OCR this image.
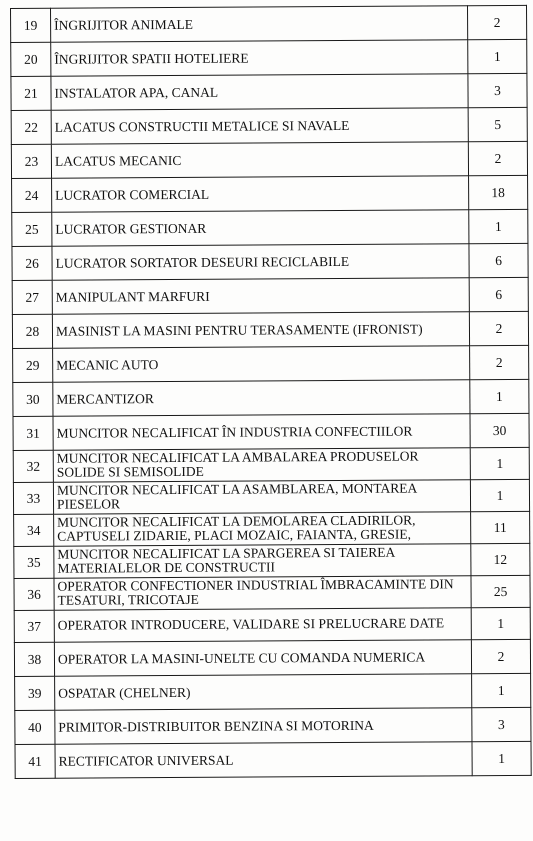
19	ÎNGRIJITOR ANIMALE	2
20	ÎNGRIJITOR SPATII HOTELIERE	1
21	INSTALATOR APA, CANAL	3
22	LACATUS CONSTRUCTII METALICE SI NAVALE	5
23	LACATUS MECANIC	2
24	LUCRATOR COMERCIAL	18
25	LUCRATOR GESTIONAR	1
26	LUCRATOR SORTATOR DESEURI RECICLABILE	6
27	MANIPULANT MARFURI	6
28	MASINIST LA MASINI PENTRU TERASAMENTE (IFRONIST)	2
29	MECANIC AUTO	2
30	MERCANTIZOR	1
31	MUNCITOR NECALIFICAT ÎN INDUSTRIA CONFECTIILOR	30
32	MUNCITOR NECALIFICAT LA AMBALAREA PRODUSELOR SOLIDE SI SEMISOLIDE	1
33	MUNCITOR NECALIFICAT LA ASAMBLAREA, MONTAREA PIESELOR	1
34	MUNCITOR NECALIFICAT LA DEMOLAREA CLADIRILOR, CAPTUSELI ZIDARIE, PLACI MOZAIC, FAIANTA, GRESIE,	11
35	MUNCITOR NECALIFICAT LA SPARGEREA SI TAIEREA MATERIALELOR DE CONSTRUCTII	12
36	OPERATOR CONFECTIONER INDUSTRIAL ÎMBRACAMINTE DIN TESATURI, TRICOTAJE	25
37	OPERATOR INTRODUCERE, VALIDARE SI PRELUCRARE DATE	1
38	OPERATOR LA MASINI-UNELTE CU COMANDA NUMERICA	2
39	OSPATAR (CHELNER)	1
40	PRIMITOR-DISTRIBUITOR BENZINA SI MOTORINA	3
41	RECTIFICATOR UNIVERSAL	1
